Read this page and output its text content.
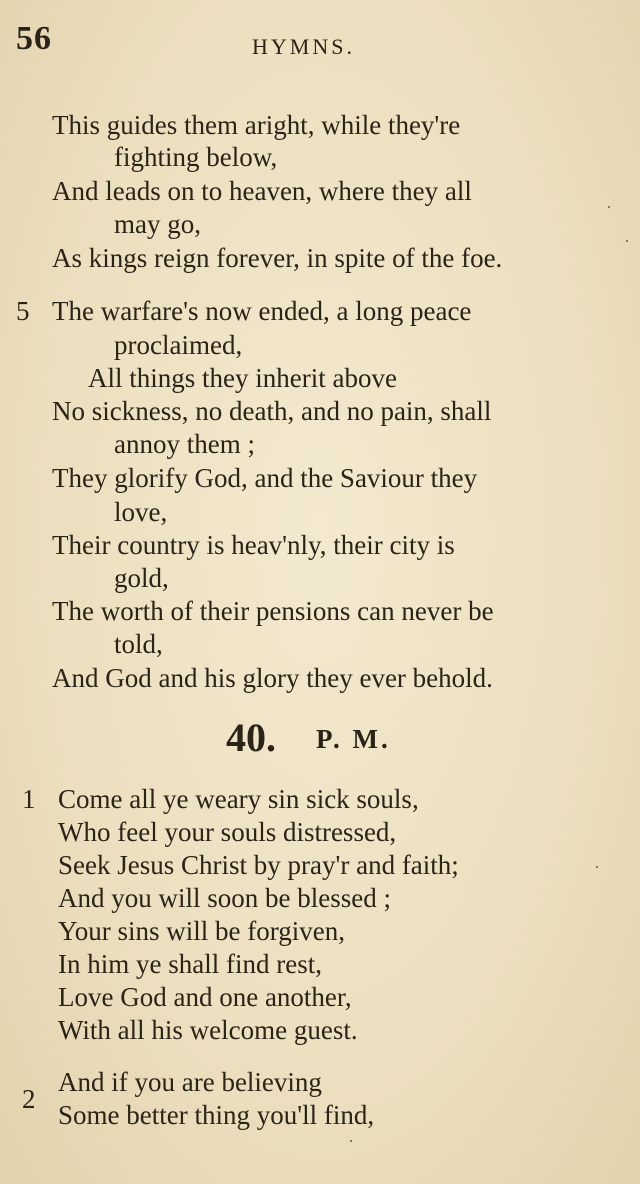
56	HYMNS.
This guides them aright, while they're
fighting below,
And leads on to heaven, where they all
may go,
As kings reign forever, in spite of the foe.
5 The warfare's now ended, a long peace
proclaimed,
All things they inherit above
No sickness, no death, and no pain, shall
annoy them ;
They glorify God, and the Saviour they
love,
Their country is heav'nly, their city is
gold,
The worth of their pensions can never be
told,
And God and his glory they ever behold.
40. P. M.
1 Come all ye weary sin sick souls,
Who feel your souls distressed,
Seek Jesus Christ by pray'r and faith;
And you will soon be blessed ;
Your sins will be forgiven,
In him ye shall find rest,
Love God and one another,
With all his welcome guest.
2
And if you are believing
Some better thing you'll find,
